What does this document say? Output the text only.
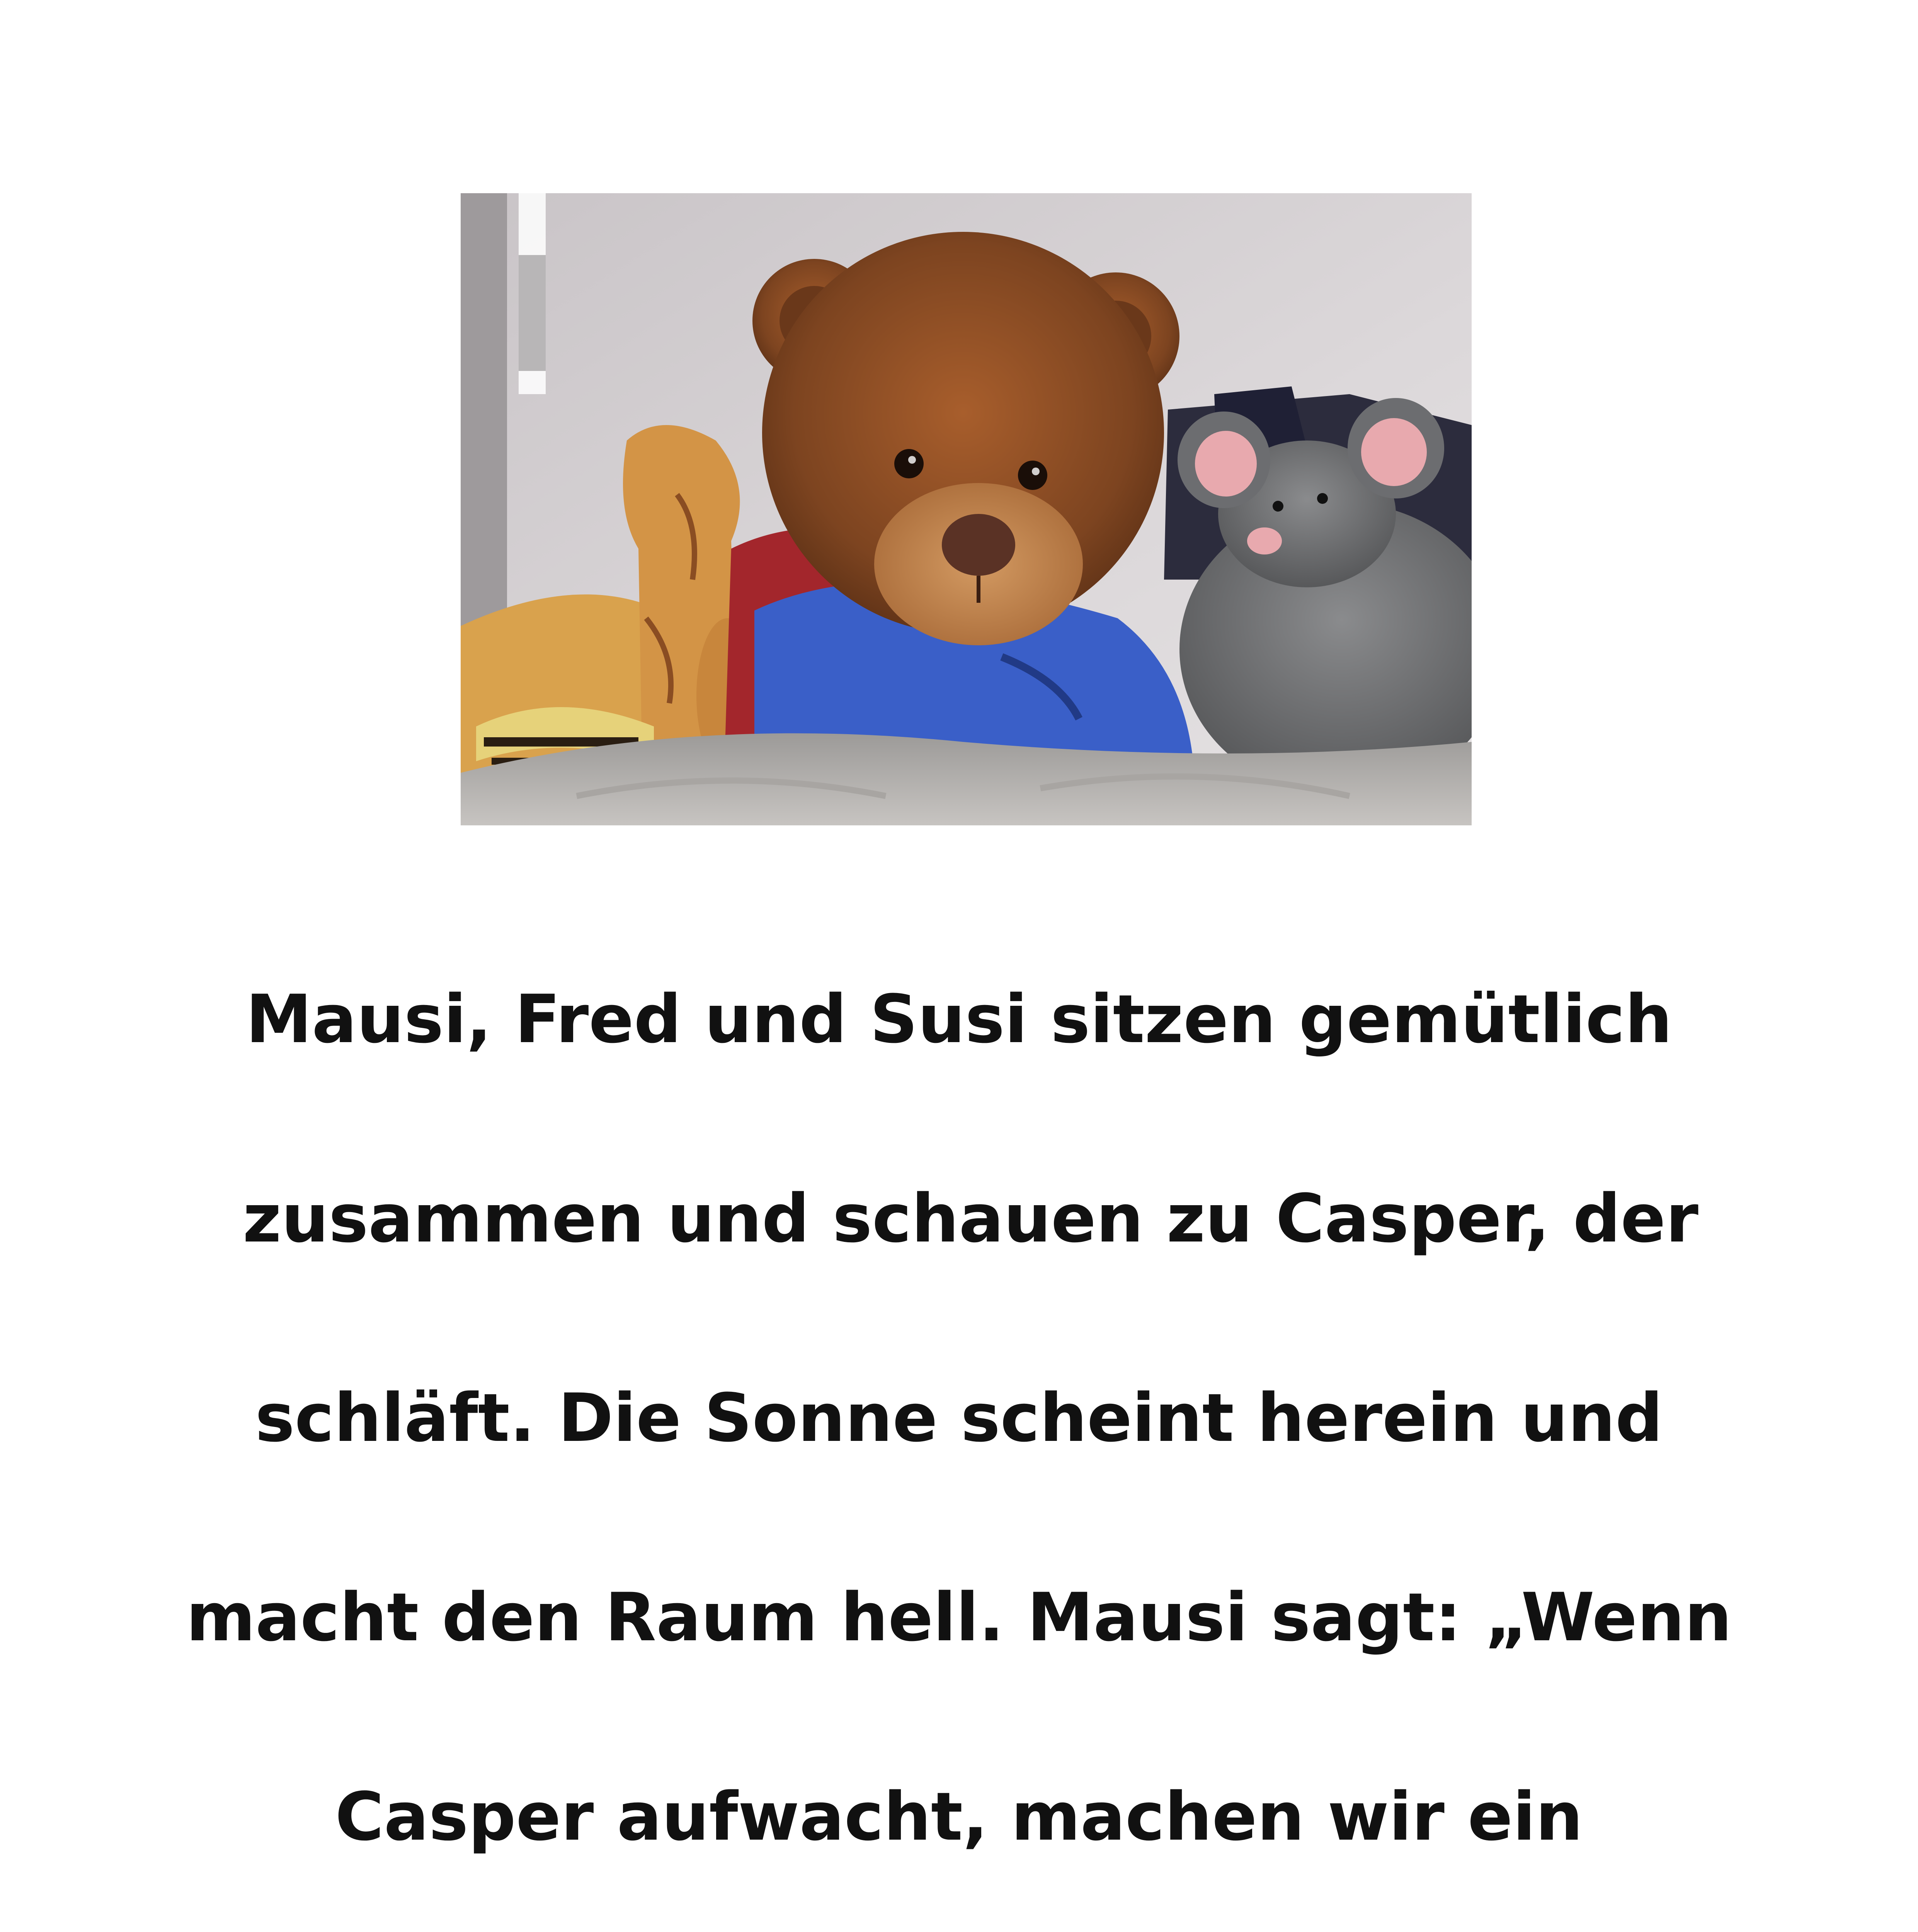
Mausi, Fred und Susi sitzen gemütlich
zusammen und schauen zu Casper, der
schläft. Die Sonne scheint herein und
macht den Raum hell. Mausi sagt: „Wenn
Casper aufwacht, machen wir ein
